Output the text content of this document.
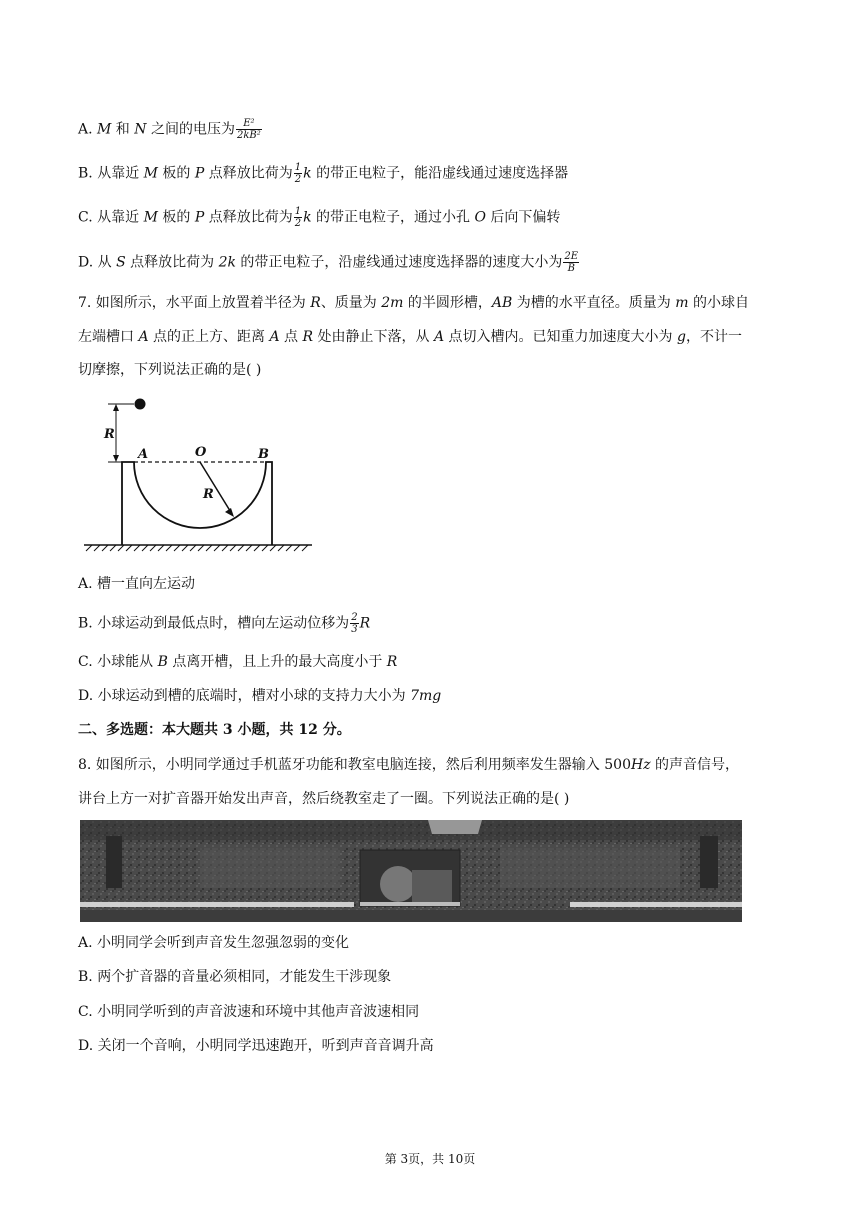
A. M 和 N 之间的电压为 $\frac{\text{E²}}{\text{2kB²}}$
B. 从靠近 M 板的 P 点释放比荷为 $\frac{1}{2}$ k 的带正电粒子，能沿虚线通过速度选择器
C. 从靠近 M 板的 P 点释放比荷为 $\frac{1}{2}$ k 的带正电粒子，通过小孔 O 后向下偏转
D. 从 S 点释放比荷为 2k 的带正电粒子，沿虚线通过速度选择器的速度大小为 $\frac{2E}{B}$
7. 如图所示，水平面上放置着半径为 R、质量为 2m 的半圆形槽，AB 为槽的水平直径。质量为 m 的小球自
左端槽口 A 点的正上方、距离 A 点 R 处由静止下落，从 A 点切入槽内。已知重力加速度大小为 g，不计一
切摩擦，下列说法正确的是( )
R
A	O	B
R
A. 槽一直向左运动
B. 小球运动到最低点时，槽向左运动位移为 $\frac{2}{3}$ R
C. 小球能从 B 点离开槽，且上升的最大高度小于 R
D. 小球运动到槽的底端时，槽对小球的支持力大小为 7mg
二、多选题：本大题共 3 小题，共 12 分。
8. 如图所示，小明同学通过手机蓝牙功能和教室电脑连接，然后利用频率发生器输入 500Hz 的声音信号，
讲台上方一对扩音器开始发出声音，然后绕教室走了一圈。下列说法正确的是( )
A. 小明同学会听到声音发生忽强忽弱的变化
B. 两个扩音器的音量必须相同，才能发生干涉现象
C. 小明同学听到的声音波速和环境中其他声音波速相同
D. 关闭一个音响，小明同学迅速跑开，听到声音音调升高
第 3页，共 10页
